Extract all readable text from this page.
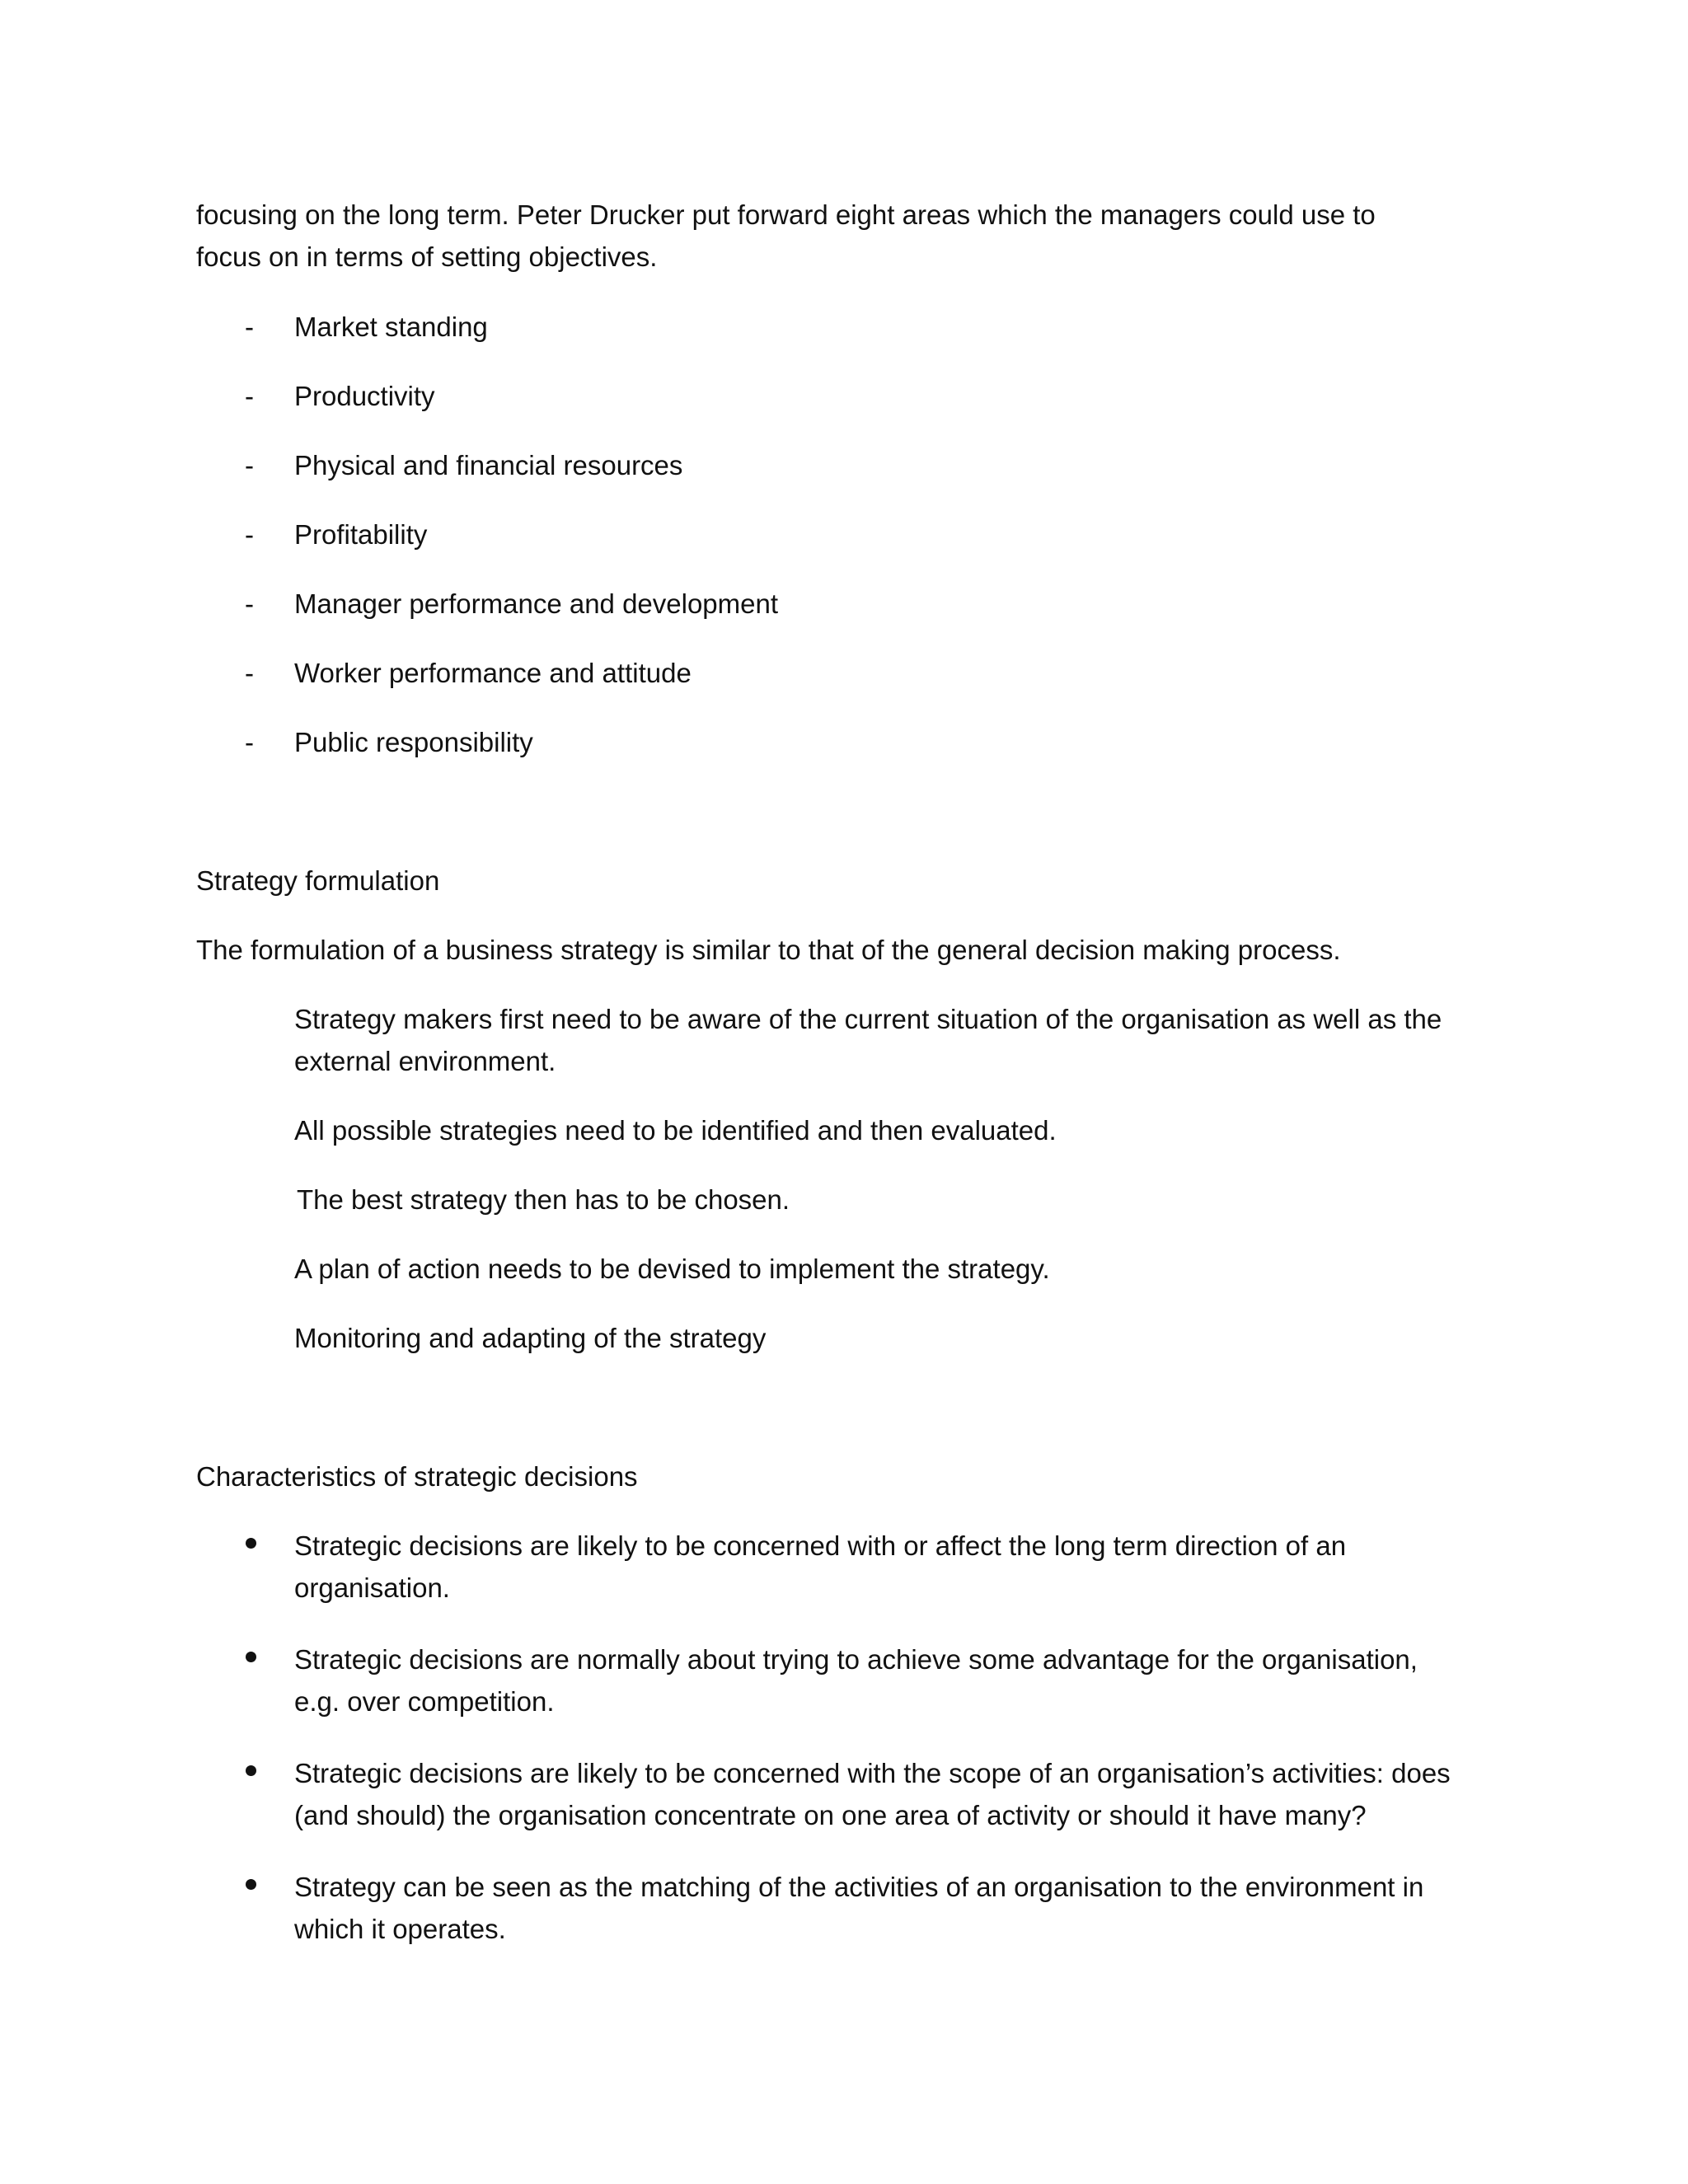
focusing on the long term. Peter Drucker put forward eight areas which the managers could use to
focus on in terms of setting objectives.
- Market standing
- Productivity
- Physical and financial resources
- Profitability
- Manager performance and development
- Worker performance and attitude
- Public responsibility
Strategy formulation
The formulation of a business strategy is similar to that of the general decision making process.
Strategy makers first need to be aware of the current situation of the organisation as well as the
external environment.
All possible strategies need to be identified and then evaluated.
The best strategy then has to be chosen.
A plan of action needs to be devised to implement the strategy.
Monitoring and adapting of the strategy
Characteristics of strategic decisions
Strategic decisions are likely to be concerned with or affect the long term direction of an
organisation.
Strategic decisions are normally about trying to achieve some advantage for the organisation,
e.g. over competition.
Strategic decisions are likely to be concerned with the scope of an organisation’s activities: does
(and should) the organisation concentrate on one area of activity or should it have many?
Strategy can be seen as the matching of the activities of an organisation to the environment in
which it operates.
